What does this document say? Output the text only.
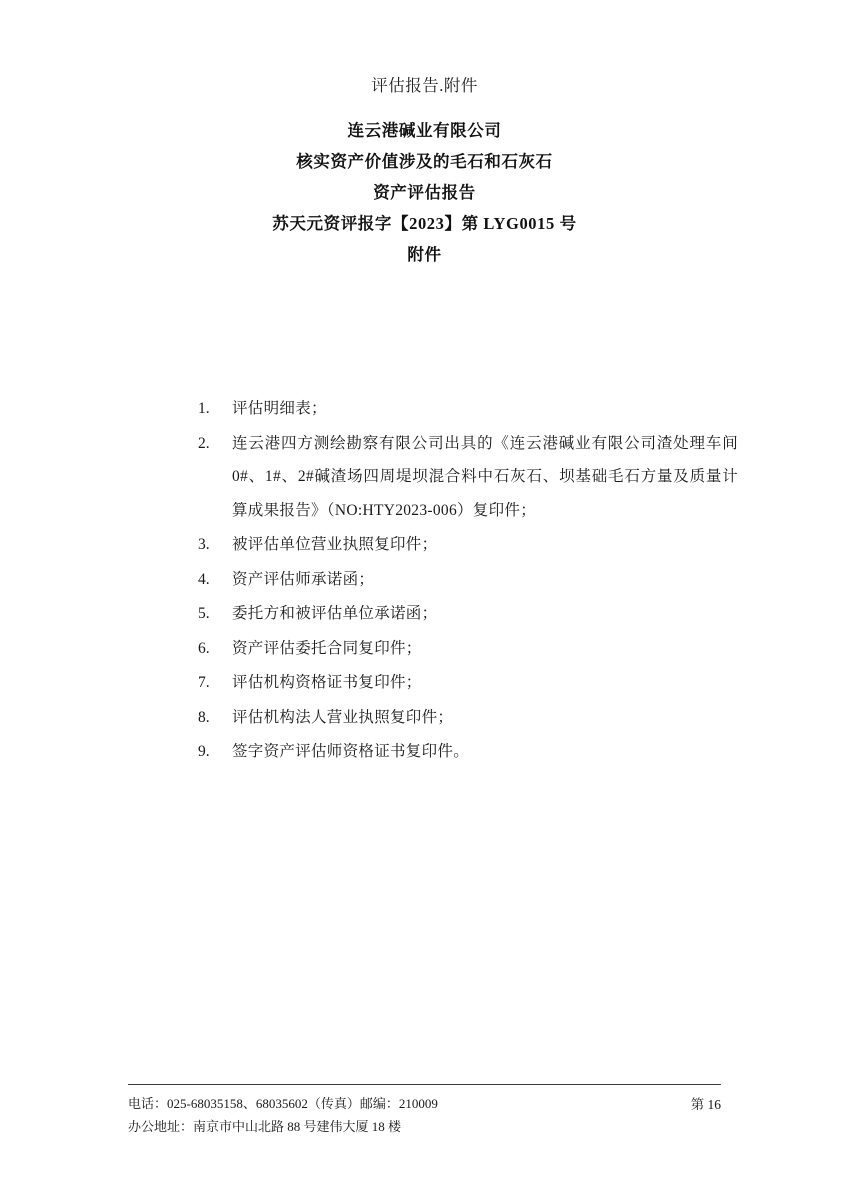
评估报告.附件
连云港碱业有限公司
核实资产价值涉及的毛石和石灰石
资产评估报告
苏天元资评报字【2023】第 LYG0015 号
附件
1.	评估明细表；
2.	连云港四方测绘勘察有限公司出具的《连云港碱业有限公司渣处理车间 0#、1#、2#碱渣场四周堤坝混合料中石灰石、坝基础毛石方量及质量计算成果报告》（NO:HTY2023-006）复印件；
3.	被评估单位营业执照复印件；
4.	资产评估师承诺函；
5.	委托方和被评估单位承诺函；
6.	资产评估委托合同复印件；
7.	评估机构资格证书复印件；
8.	评估机构法人营业执照复印件；
9.	签字资产评估师资格证书复印件。
电话：025-68035158、68035602（传真）邮编：210009
办公地址：南京市中山北路 88 号建伟大厦 18 楼
第 16
